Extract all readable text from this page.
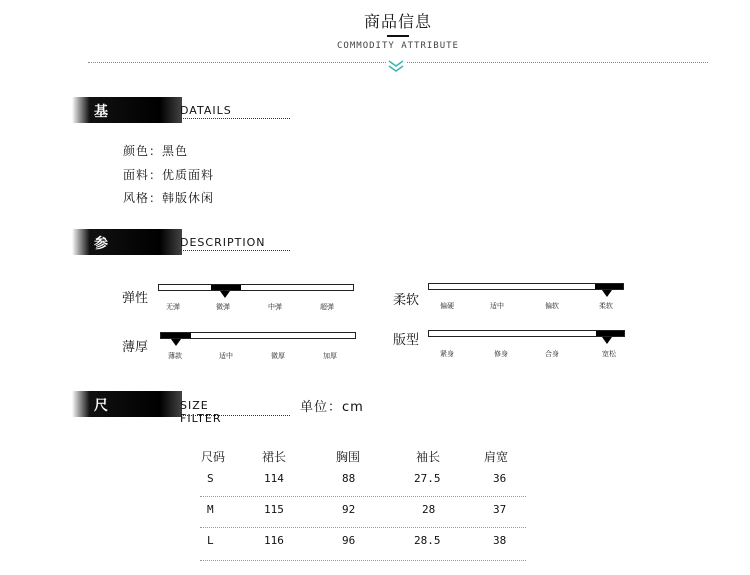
商品信息
COMMODITY ATTRIBUTE
基本信息
DATAILS
颜色：黑色
面料：优质面料
风格：韩版休闲
参数指标
DESCRIPTION
弹性
无弹	微弹	中弹	超弹	柔软	偏硬	适中	偏软	柔软
薄厚
薄款	适中	微厚	加厚
版型
紧身	修身	合身	宽松
尺寸信息
SIZE FILTER
单位：cm
尺码	裙长	胸围	袖长	肩宽
S	114	88	27.5	36
M	115	92	28	37
L	116	96	28.5	38
